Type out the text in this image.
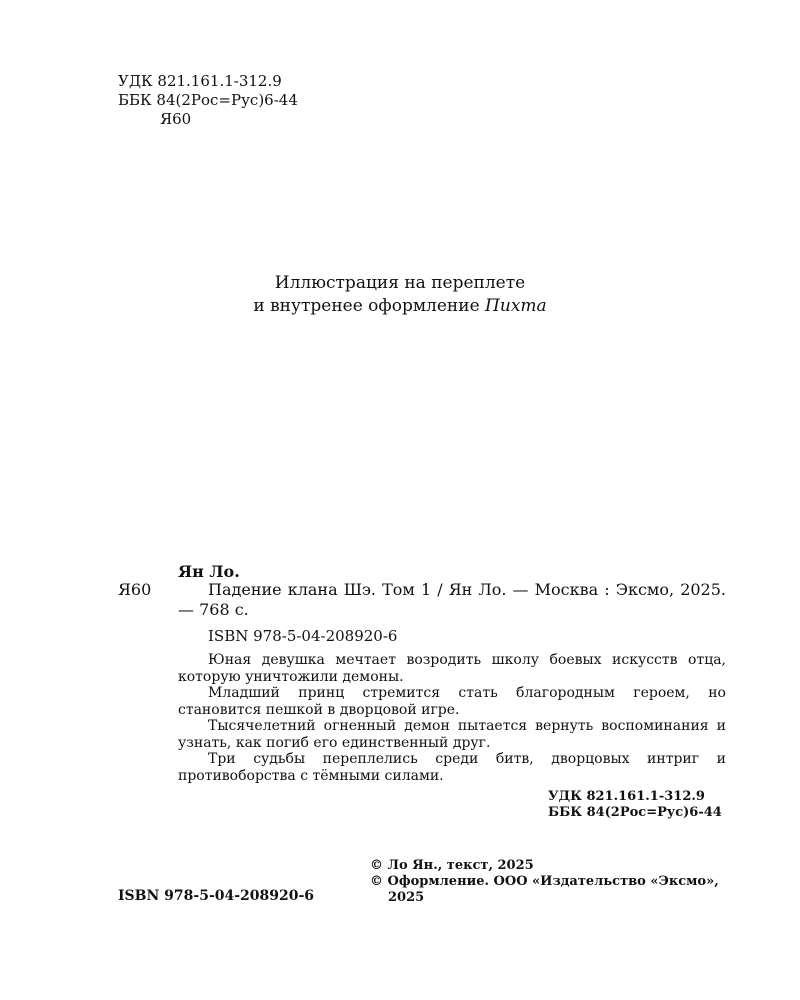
УДК 821.161.1-312.9
ББК 84(2Рос=Рус)6-44
Я60
Иллюстрация на переплете
и внутренее оформление Пихта
Ян Ло.
Я60	Падение клана Шэ. Том 1 / Ян Ло. — Москва : Эксмо, 2025. — 768 с.
ISBN 978-5-04-208920-6

Юная девушка мечтает возродить школу боевых искусств отца, которую уничтожили демоны.

Младший принц стремится стать благородным героем, но становится пешкой в дворцовой игре.

Тысячелетний огненный демон пытается вернуть воспоминания и узнать, как погиб его единственный друг.

Три судьбы переплелись среди битв, дворцовых интриг и противоборства с тёмными силами.

УДК 821.161.1-312.9
ББК 84(2Рос=Рус)6-44
ISBN 978-5-04-208920-6
© Ло Ян., текст, 2025
© Оформление. ООО «Издательство «Эксмо», 2025
